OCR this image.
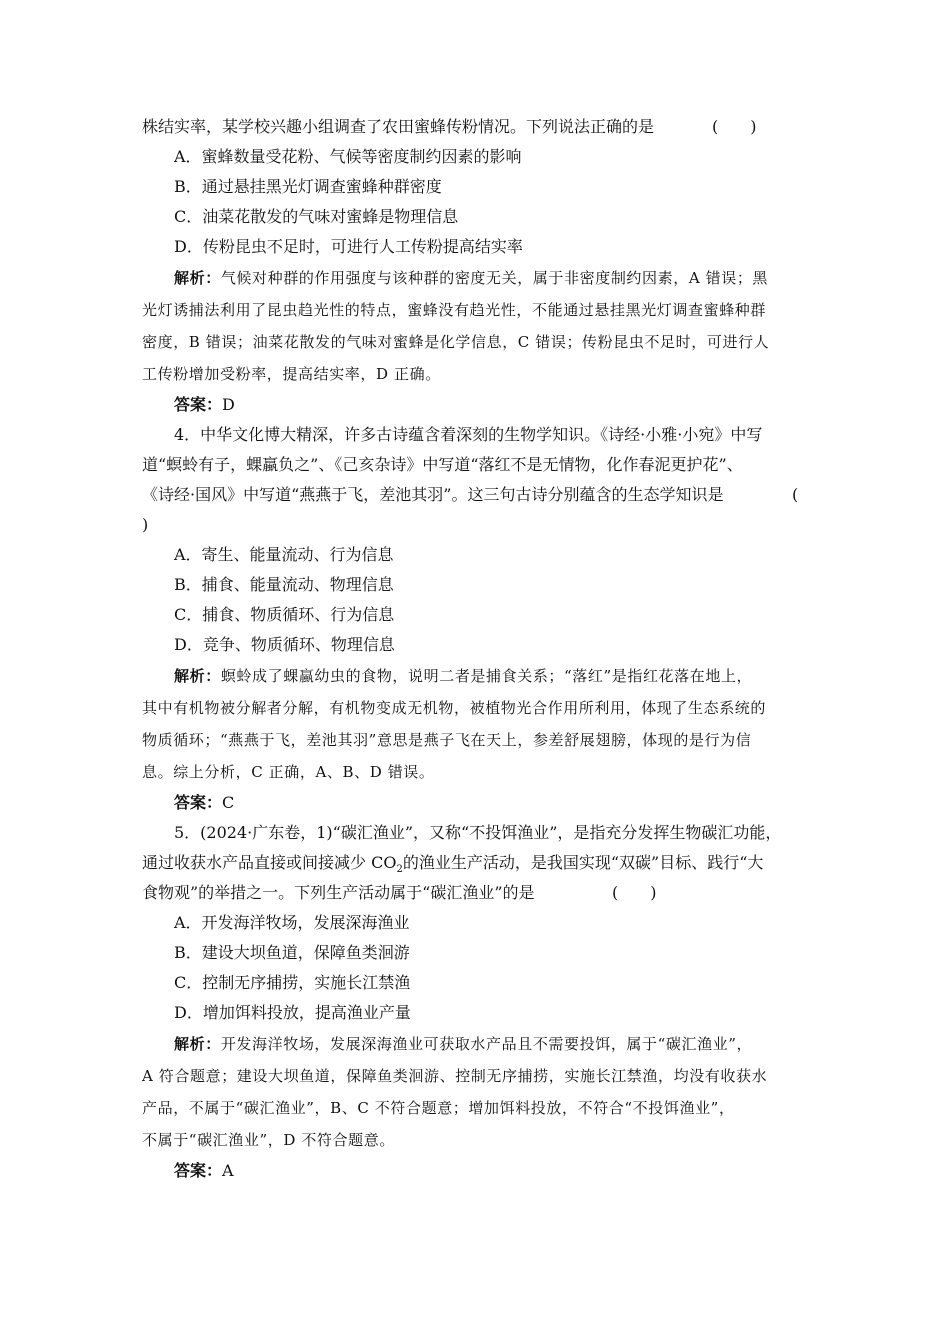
株结实率，某学校兴趣小组调查了农田蜜蜂传粉情况。下列说法正确的是	(　　)
A．蜜蜂数量受花粉、气候等密度制约因素的影响
B．通过悬挂黑光灯调查蜜蜂种群密度
C．油菜花散发的气味对蜜蜂是物理信息
D．传粉昆虫不足时，可进行人工传粉提高结实率
解析：气候对种群的作用强度与该种群的密度无关，属于非密度制约因素，A 错误；黑
光灯诱捕法利用了昆虫趋光性的特点，蜜蜂没有趋光性，不能通过悬挂黑光灯调查蜜蜂种群
密度，B 错误；油菜花散发的气味对蜜蜂是化学信息，C 错误；传粉昆虫不足时，可进行人
工传粉增加受粉率，提高结实率，D 正确。
答案：D
4．中华文化博大精深，许多古诗蕴含着深刻的生物学知识。《诗经·小雅·小宛》中写
道“螟蛉有子，蜾蠃负之”、《己亥杂诗》中写道“落红不是无情物，化作春泥更护花”、
《诗经·国风》中写道“燕燕于飞，差池其羽”。这三句古诗分别蕴含的生态学知识是	(
)
A．寄生、能量流动、行为信息
B．捕食、能量流动、物理信息
C．捕食、物质循环、行为信息
D．竞争、物质循环、物理信息
解析：螟蛉成了蜾蠃幼虫的食物，说明二者是捕食关系；“落红”是指红花落在地上，
其中有机物被分解者分解，有机物变成无机物，被植物光合作用所利用，体现了生态系统的
物质循环；“燕燕于飞，差池其羽”意思是燕子飞在天上，参差舒展翅膀，体现的是行为信
息。综上分析，C 正确，A、B、D 错误。
答案：C
5．(2024·广东卷，1)“碳汇渔业”，又称“不投饵渔业”，是指充分发挥生物碳汇功能，
通过收获水产品直接或间接减少 $CO_2$的渔业生产活动，是我国实现“双碳”目标、践行“大
食物观”的举措之一。下列生产活动属于“碳汇渔业”的是	(　　)
A．开发海洋牧场，发展深海渔业
B．建设大坝鱼道，保障鱼类洄游
C．控制无序捕捞，实施长江禁渔
D．增加饵料投放，提高渔业产量
解析：开发海洋牧场，发展深海渔业可获取水产品且不需要投饵，属于“碳汇渔业”，
A 符合题意；建设大坝鱼道，保障鱼类洄游、控制无序捕捞，实施长江禁渔，均没有收获水
产品，不属于“碳汇渔业”，B、C 不符合题意；增加饵料投放，不符合“不投饵渔业”，
不属于“碳汇渔业”，D 不符合题意。
答案：A
